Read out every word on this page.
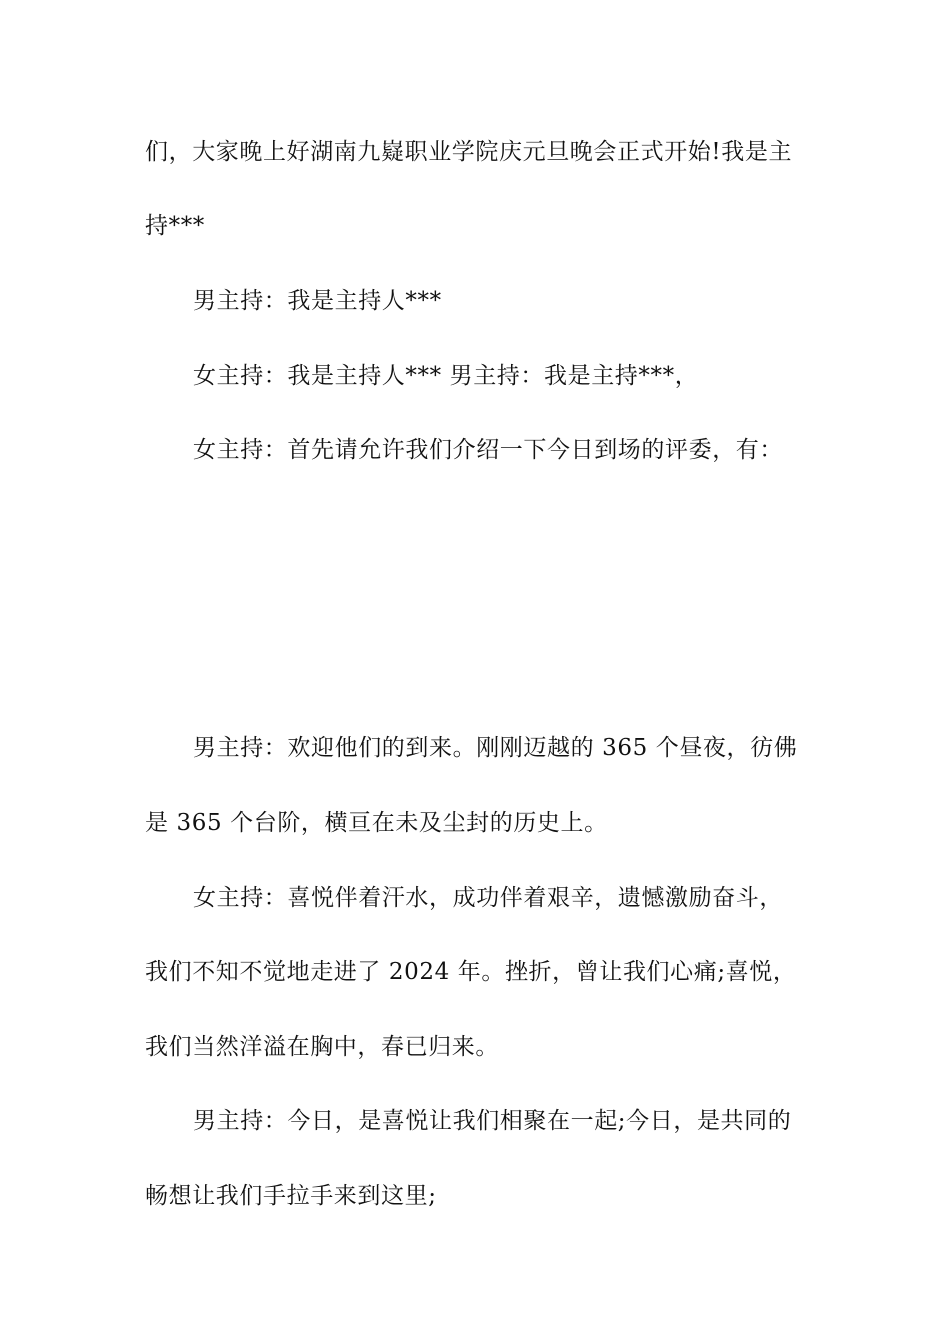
们，大家晚上好湖南九嶷职业学院庆元旦晚会正式开始!我是主
持***
男主持：我是主持人***
女主持：我是主持人*** 男主持：我是主持***，
女主持：首先请允许我们介绍一下今日到场的评委，有：
男主持：欢迎他们的到来。刚刚迈越的 365 个昼夜，彷佛
是 365 个台阶，横亘在未及尘封的历史上。
女主持：喜悦伴着汗水，成功伴着艰辛，遗憾激励奋斗，
我们不知不觉地走进了 2024 年。挫折，曾让我们心痛;喜悦，
我们当然洋溢在胸中，春已归来。
男主持：今日，是喜悦让我们相聚在一起;今日，是共同的
畅想让我们手拉手来到这里;
